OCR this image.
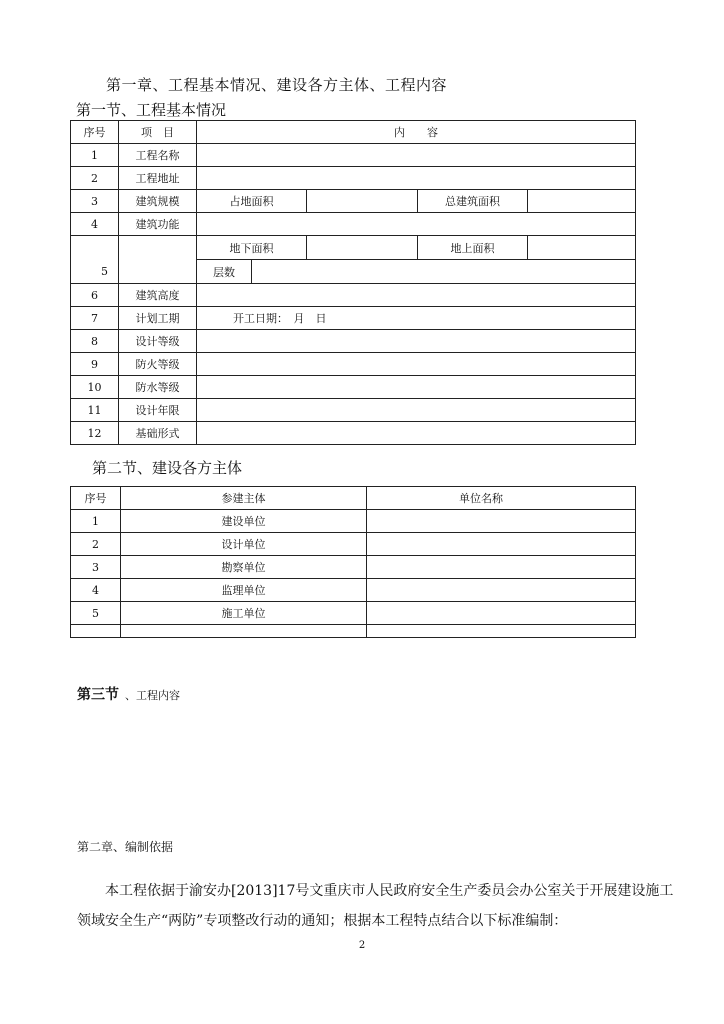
第一章、工程基本情况、建设各方主体、工程内容
第一节、工程基本情况
序号	项　目	内　　容			
1	工程名称				
2	工程地址				
3	建筑规模	占地面积		总建筑面积	
4	建筑功能				
		地下面积		地上面积	
5		层数			

6	建筑高度				
7	计划工期	开工日期：　月　日			
8	设计等级				
9	防火等级				
10	防水等级				
11	设计年限				
12	基础形式				
第二节、建设各方主体
序号	参建主体	单位名称
1	建设单位	
2	设计单位	
3	勘察单位	
4	监理单位	
5	施工单位	

第三节 、工程内容
第二章、编制依据
本工程依据于渝安办[2013]17号文重庆市人民政府安全生产委员会办公室关于开展建设施工领域安全生产“两防”专项整改行动的通知；根据本工程特点结合以下标准编制：
2
